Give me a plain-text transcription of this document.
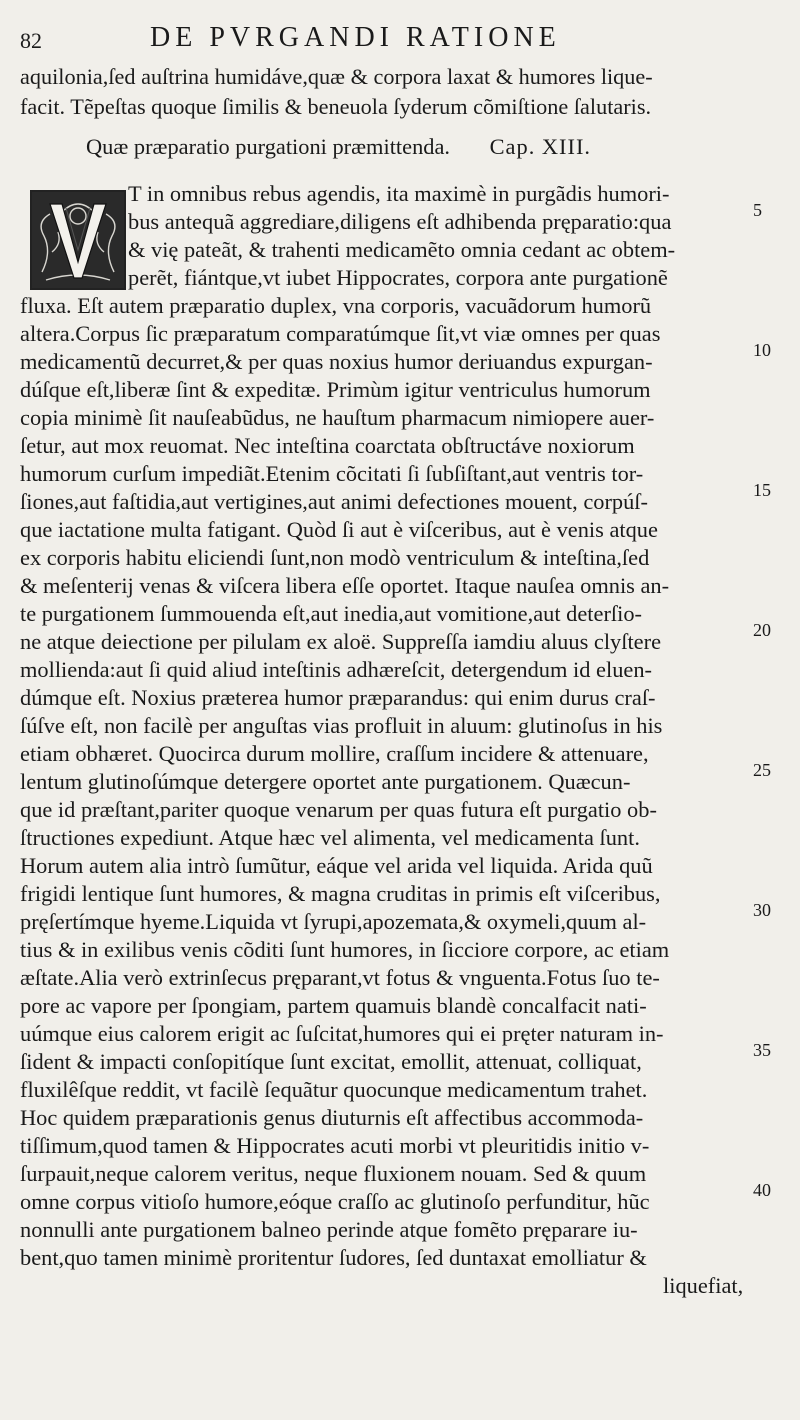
82	DE PVRGANDI RATIONE
aquilonia,ſed auſtrina humidáve,quæ & corpora laxat & humores lique-
facit. Tẽpeſtas quoque ſimilis & beneuola ſyderum cõmiſtione ſalutaris.
Quæ præparatio purgationi præmittenda. Cap. XIII.
T in omnibus rebus agendis, ita maximè in purgãdis humori-
bus antequã aggrediare,diligens eſt adhibenda pręparatio:qua
& vię pateãt, & trahenti medicamẽto omnia cedant ac obtem-
perẽt, fiántque,vt iubet Hippocrates, corpora ante purgationẽ
fluxa. Eſt autem præparatio duplex, vna corporis, vacuãdorum humorũ
altera.Corpus ſic præparatum comparatúmque ſit,vt viæ omnes per quas
medicamentũ decurret,& per quas noxius humor deriuandus expurgan-
dúſque eſt,liberæ ſint & expeditæ. Primùm igitur ventriculus humorum
copia minimè ſit nauſeabũdus, ne hauſtum pharmacum nimiopere auer-
ſetur, aut mox reuomat. Nec inteſtina coarctata obſtructáve noxiorum
humorum curſum impediãt.Etenim cõcitati ſi ſubſiſtant,aut ventris tor-
ſiones,aut faſtidia,aut vertigines,aut animi defectiones mouent, corpúſ-
que iactatione multa fatigant. Quòd ſi aut è viſceribus, aut è venis atque
ex corporis habitu eliciendi ſunt,non modò ventriculum & inteſtina,ſed
& meſenterij venas & viſcera libera eſſe oportet. Itaque nauſea omnis an-
te purgationem ſummouenda eſt,aut inedia,aut vomitione,aut deterſio-
ne atque deiectione per pilulam ex aloë. Suppreſſa iamdiu aluus clyſtere
mollienda:aut ſi quid aliud inteſtinis adhæreſcit, detergendum id eluen-
dúmque eſt. Noxius præterea humor præparandus: qui enim durus craſ-
ſúſve eſt, non facilè per anguſtas vias profluit in aluum: glutinoſus in his
etiam obhæret. Quocirca durum mollire, craſſum incidere & attenuare,
lentum glutinoſúmque detergere oportet ante purgationem. Quæcun-
que id præſtant,pariter quoque venarum per quas futura eſt purgatio ob-
ſtructiones expediunt. Atque hæc vel alimenta, vel medicamenta ſunt.
Horum autem alia intrò ſumũtur, eáque vel arida vel liquida. Arida quũ
frigidi lentique ſunt humores, & magna cruditas in primis eſt viſceribus,
pręſertímque hyeme.Liquida vt ſyrupi,apozemata,& oxymeli,quum al-
tius & in exilibus venis cõditi ſunt humores, in ſicciore corpore, ac etiam
æſtate.Alia verò extrinſecus pręparant,vt fotus & vnguenta.Fotus ſuo te-
pore ac vapore per ſpongiam, partem quamuis blandè concalfacit nati-
uúmque eius calorem erigit ac ſuſcitat,humores qui ei pręter naturam in-
ſident & impacti conſopitíque ſunt excitat, emollit, attenuat, colliquat,
fluxilêſque reddit, vt facilè ſequãtur quocunque medicamentum trahet.
Hoc quidem præparationis genus diuturnis eſt affectibus accommoda-
tiſſimum,quod tamen & Hippocrates acuti morbi vt pleuritidis initio v-
ſurpauit,neque calorem veritus, neque fluxionem nouam. Sed & quum
omne corpus vitioſo humore,eóque craſſo ac glutinoſo perfunditur, hũc
nonnulli ante purgationem balneo perinde atque fomẽto pręparare iu-
bent,quo tamen minimè proritentur ſudores, ſed duntaxat emolliatur &
liquefiat,
5
10
15
20
25
30
35
40
